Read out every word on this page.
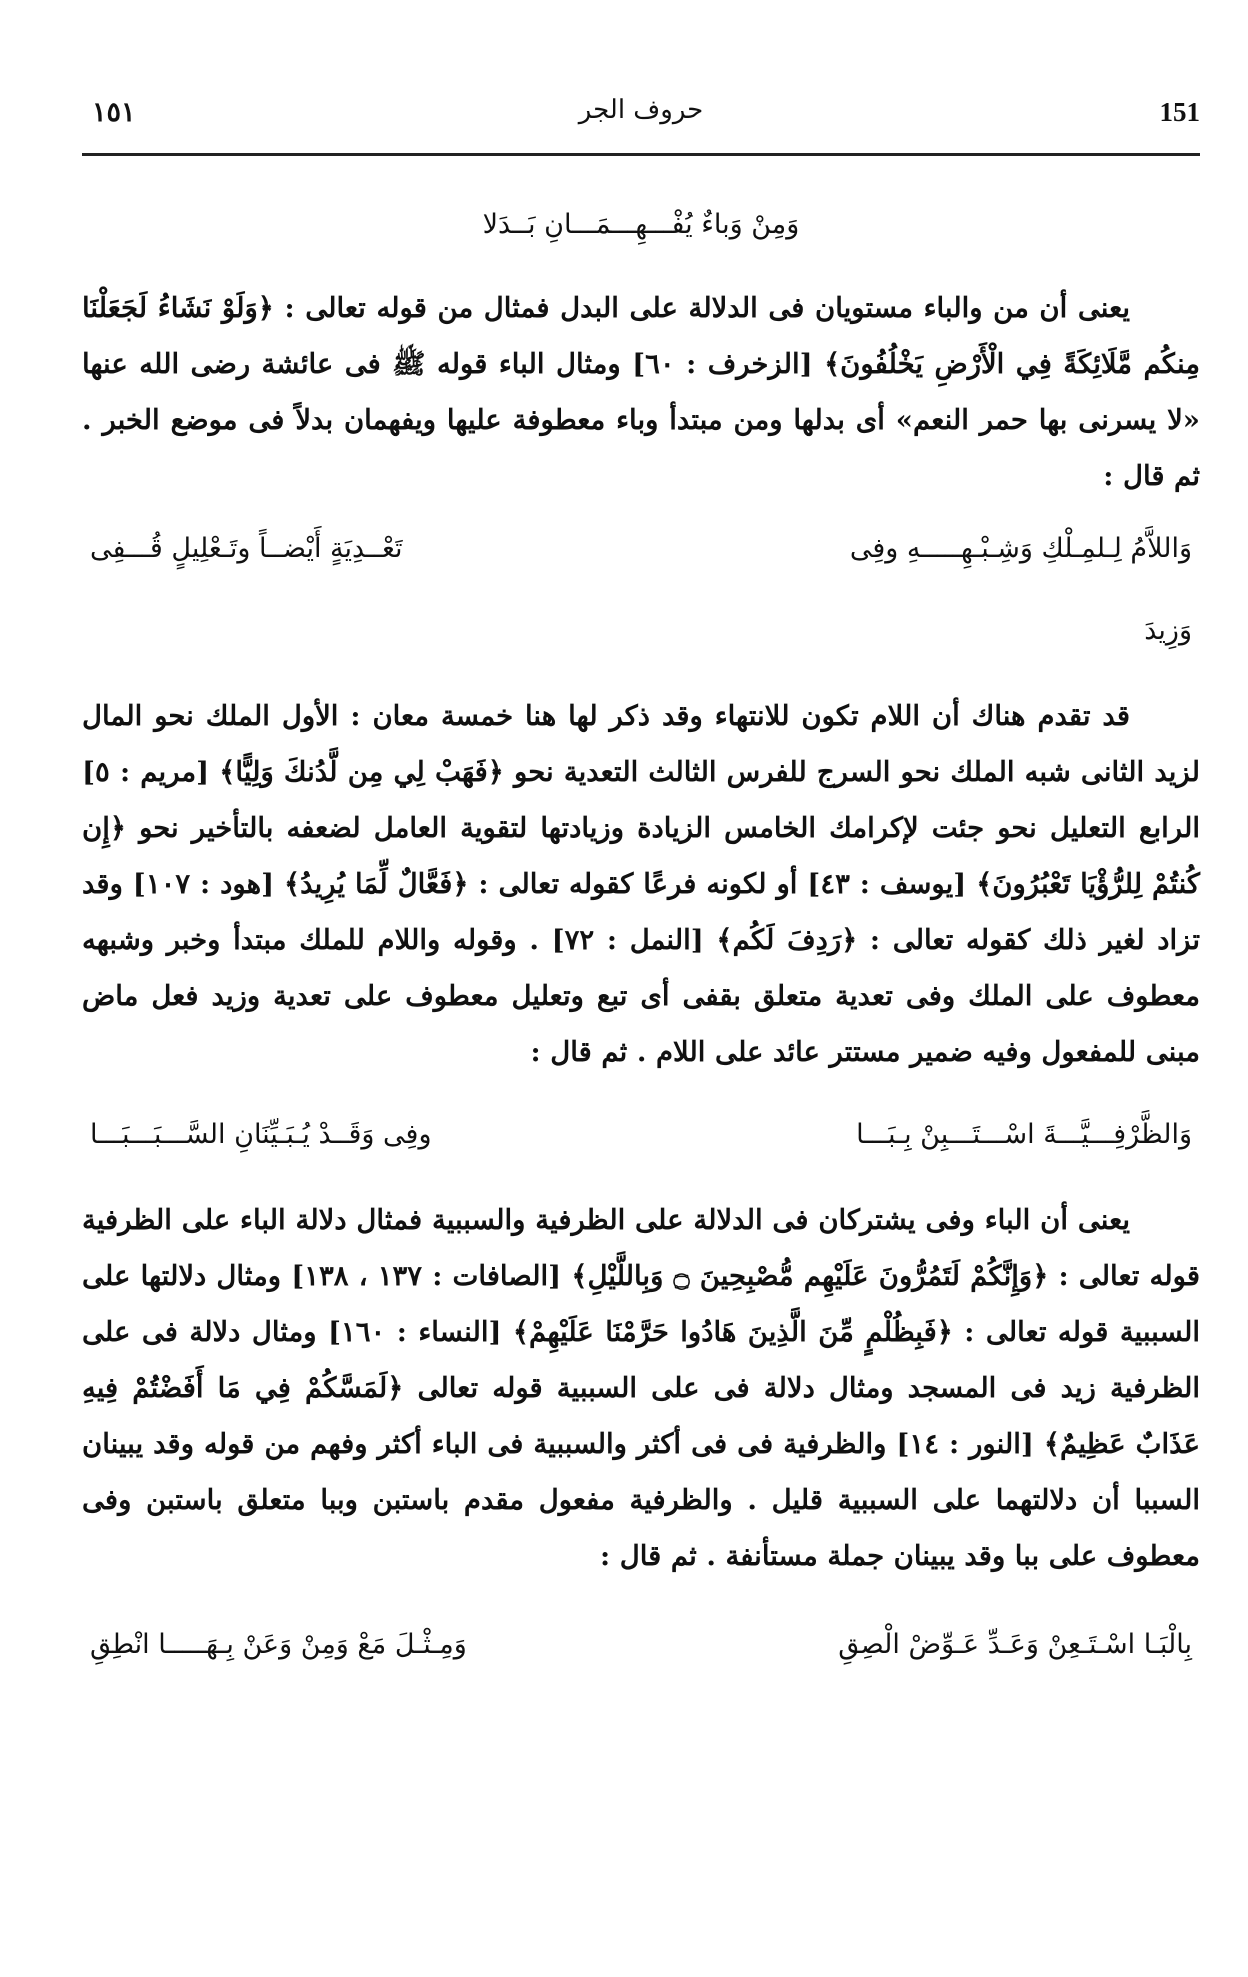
151
حروف الجر
١٥١
وَمِنْ وَباءٌ يُفْـــهِـــمَـــانِ بَــدَلا

يعنى أن من والباء مستويان فى الدلالة على البدل فمثال من قوله تعالى : ﴿وَلَوْ نَشَاءُ لَجَعَلْنَا مِنكُم مَّلَائِكَةً فِي الْأَرْضِ يَخْلُفُونَ﴾ [الزخرف : ٦٠] ومثال الباء قوله ﷺ فى عائشة رضى الله عنها «لا يسرنى بها حمر النعم» أى بدلها ومن مبتدأ وباء معطوفة عليها ويفهمان بدلاً فى موضع الخبر . ثم قال :

وَاللاَّمُ لِـلمِـلْكِ وَشِـبْـهِـــــهِ وفِى
تَعْــدِيَةٍ أَيْضــاً وتَـعْلِيلٍ قُـــفِى
وَزِيدَ

قد تقدم هناك أن اللام تكون للانتهاء وقد ذكر لها هنا خمسة معان : الأول الملك نحو المال لزيد الثانى شبه الملك نحو السرج للفرس الثالث التعدية نحو ﴿فَهَبْ لِي مِن لَّدُنكَ وَلِيًّا﴾ [مريم : ٥] الرابع التعليل نحو جئت لإكرامك الخامس الزيادة وزيادتها لتقوية العامل لضعفه بالتأخير نحو ﴿إِن كُنتُمْ لِلرُّؤْيَا تَعْبُرُونَ﴾ [يوسف : ٤٣] أو لكونه فرعًا كقوله تعالى : ﴿فَعَّالٌ لِّمَا يُرِيدُ﴾ [هود : ١٠٧] وقد تزاد لغير ذلك كقوله تعالى : ﴿رَدِفَ لَكُم﴾ [النمل : ٧٢] . وقوله واللام للملك مبتدأ وخبر وشبهه معطوف على الملك وفى تعدية متعلق بقفى أى تبع وتعليل معطوف على تعدية وزيد فعل ماض مبنى للمفعول وفيه ضمير مستتر عائد على اللام . ثم قال :

وَالظَّرْفِـــيَّـــةَ اسْـــتَـــبِنْ بِـبَـــا
وفِى وَقَــدْ يُـبَـيِّنَانِ السَّـــبَـــبَـــا

يعنى أن الباء وفى يشتركان فى الدلالة على الظرفية والسببية فمثال دلالة الباء على الظرفية قوله تعالى : ﴿وَإِنَّكُمْ لَتَمُرُّونَ عَلَيْهِم مُّصْبِحِينَ ۝ وَبِاللَّيْلِ﴾ [الصافات : ١٣٧ ، ١٣٨] ومثال دلالتها على السببية قوله تعالى : ﴿فَبِظُلْمٍ مِّنَ الَّذِينَ هَادُوا حَرَّمْنَا عَلَيْهِمْ﴾ [النساء : ١٦٠] ومثال دلالة فى على الظرفية زيد فى المسجد ومثال دلالة فى على السببية قوله تعالى ﴿لَمَسَّكُمْ فِي مَا أَفَضْتُمْ فِيهِ عَذَابٌ عَظِيمٌ﴾ [النور : ١٤] والظرفية فى فى أكثر والسببية فى الباء أكثر وفهم من قوله وقد يبينان السببا أن دلالتهما على السببية قليل . والظرفية مفعول مقدم باستبن وببا متعلق باستبن وفى معطوف على ببا وقد يبينان جملة مستأنفة . ثم قال :

بِالْبَـا اسْـتَـعِنْ وَعَـدِّ عَـوِّضْ الْصِقِ
وَمِـثْـلَ مَعْ وَمِنْ وَعَنْ بِـهَـــــا انْطِقِ
